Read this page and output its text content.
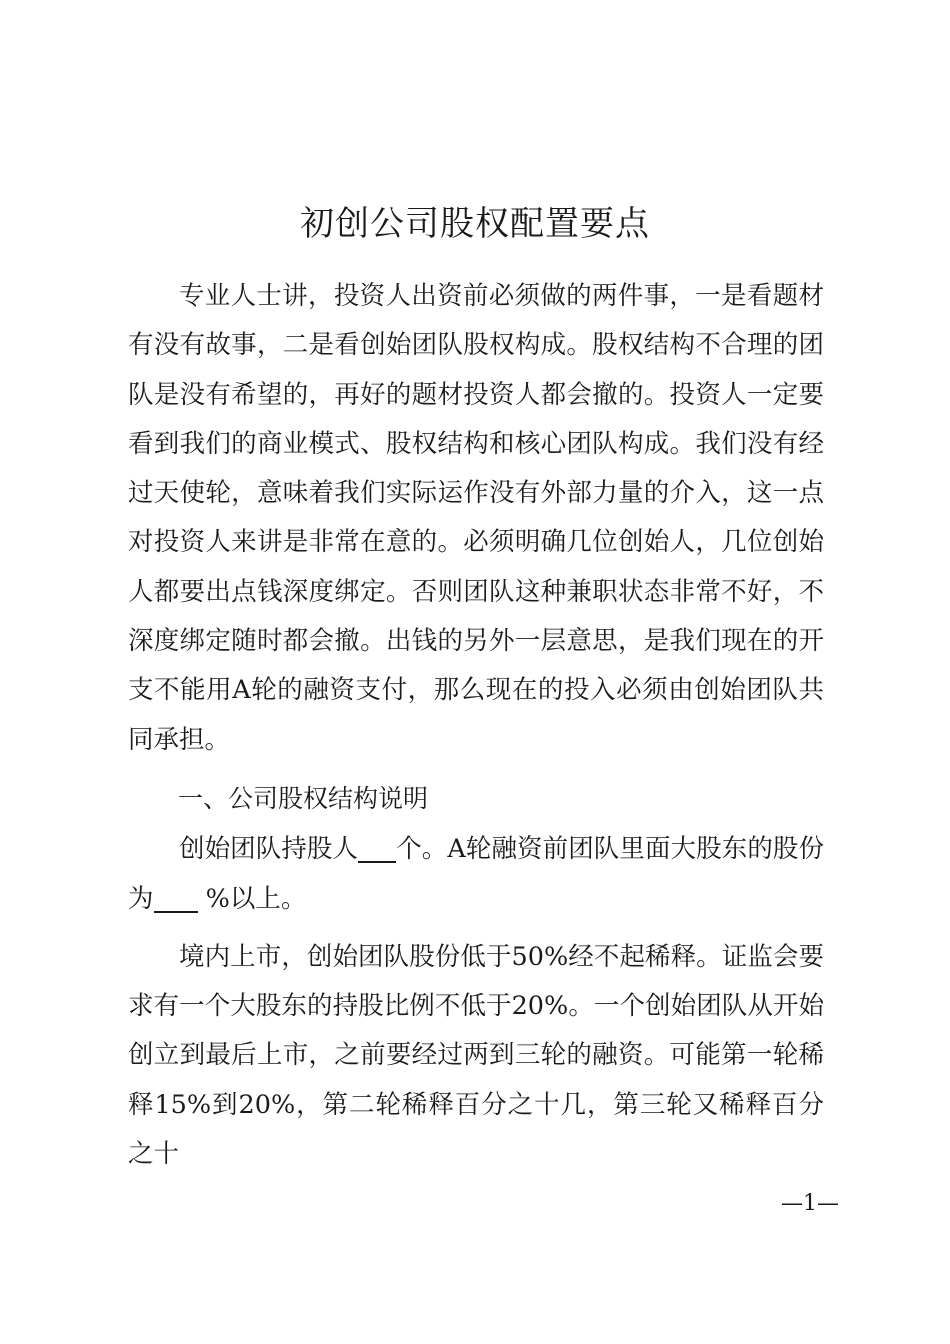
初创公司股权配置要点

专业人士讲，投资人出资前必须做的两件事，一是看题材有没有故事，二是看创始团队股权构成。股权结构不合理的团队是没有希望的，再好的题材投资人都会撤的。投资人一定要看到我们的商业模式、股权结构和核心团队构成。我们没有经过天使轮，意味着我们实际运作没有外部力量的介入，这一点对投资人来讲是非常在意的。必须明确几位创始人，几位创始人都要出点钱深度绑定。否则团队这种兼职状态非常不好，不深度绑定随时都会撤。出钱的另外一层意思，是我们现在的开支不能用A轮的融资支付，那么现在的投入必须由创始团队共同承担。

一、公司股权结构说明

创始团队持股人 个。A轮融资前团队里面大股东的股份为 %以上。

境内上市，创始团队股份低于50%经不起稀释。证监会要求有一个大股东的持股比例不低于20%。一个创始团队从开始创立到最后上市，之前要经过两到三轮的融资。可能第一轮稀释15%到20%，第二轮稀释百分之十几，第三轮又稀释百分之十

—1—
